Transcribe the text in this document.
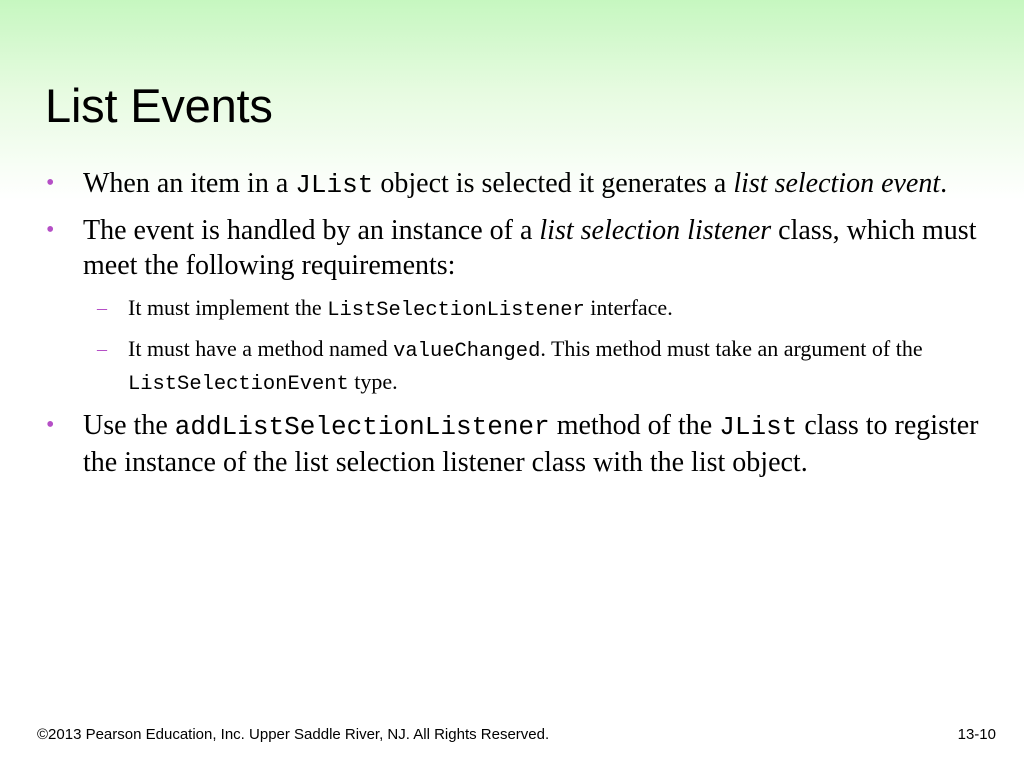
List Events
• When an item in a JList object is selected it generates a list selection event.
• The event is handled by an instance of a list selection listener class, which must meet the following requirements:
– It must implement the ListSelectionListener interface.
– It must have a method named valueChanged. This method must take an argument of the ListSelectionEvent type.
• Use the addListSelectionListener method of the JList class to register the instance of the list selection listener class with the list object.
©2013 Pearson Education, Inc. Upper Saddle River, NJ. All Rights Reserved.	13-10
